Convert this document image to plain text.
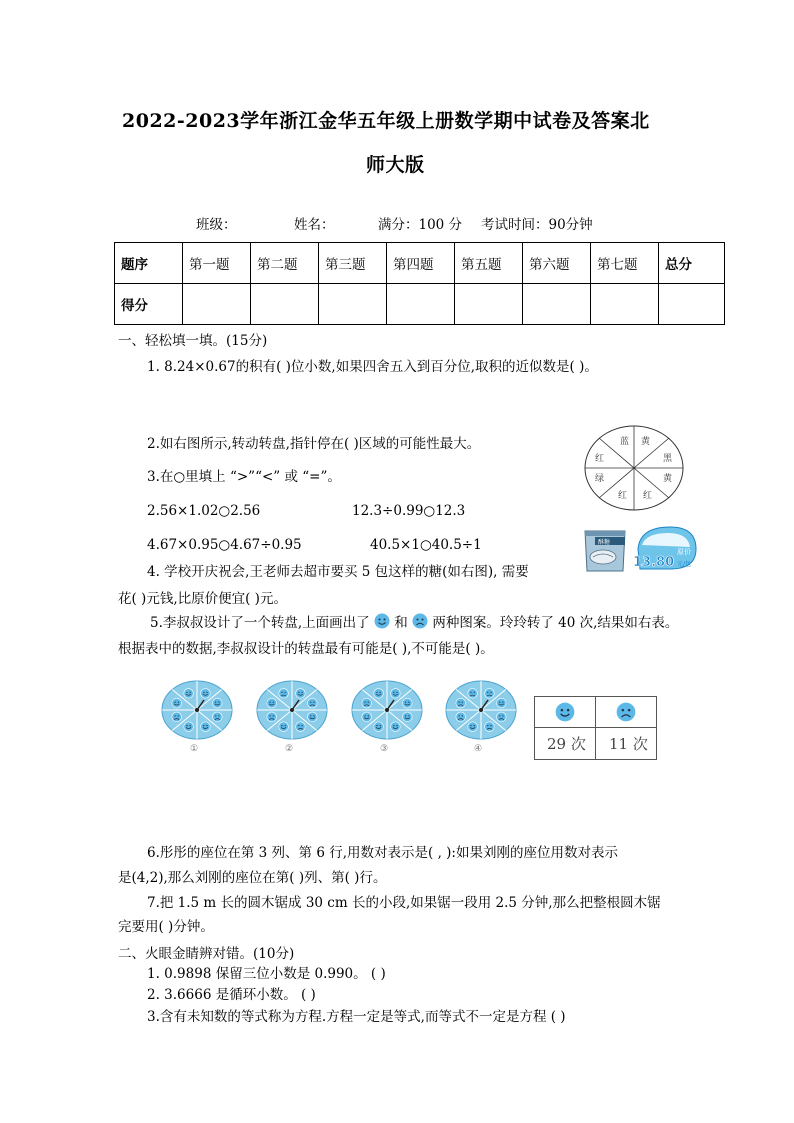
2022-2023学年浙江金华五年级上册数学期中试卷及答案北
师大版
班级：	姓名：	满分：100 分 考试时间：90分钟
题序	第一题	第二题	第三题	第四题	第五题	第六题	第七题	总分
得分								
一、轻松填一填。(15分)
1. 8.24×0.67的积有( )位小数,如果四舍五入到百分位,取积的近似数是( )。
2.如右图所示,转动转盘,指针停在( )区域的可能性最大。
3.在○里填上 “>”“<” 或 “=”。
2.56×1.02○2.56	12.3÷0.99○12.3
4.67×0.95○4.67÷0.95	40.5×1○40.5÷1
4. 学校开庆祝会,王老师去超市要买 5 包这样的糖(如右图), 需要
花( )元钱,比原价便宜( )元。
5.李叔叔设计了一个转盘,上面画出了 和 两种图案。玲玲转了 40 次,结果如右表。
根据表中的数据,李叔叔设计的转盘最有可能是( ),不可能是( )。
蓝 黄
黑
黄
红
红
绿
红
酥糖
原价
13.80 元/包
①	②	③	④	29 次 11 次
6.彤彤的座位在第 3 列、第 6 行,用数对表示是( , ):如果刘刚的座位用数对表示
是(4,2),那么刘刚的座位在第( )列、第( )行。
7.把 1.5 m 长的圆木锯成 30 cm 长的小段,如果锯一段用 2.5 分钟,那么把整根圆木锯
完要用( )分钟。
二、火眼金睛辨对错。(10分)
1. 0.9898 保留三位小数是 0.990。 ( )
2. 3.6666 是循环小数。 ( )
3.含有未知数的等式称为方程.方程一定是等式,而等式不一定是方程 ( )
